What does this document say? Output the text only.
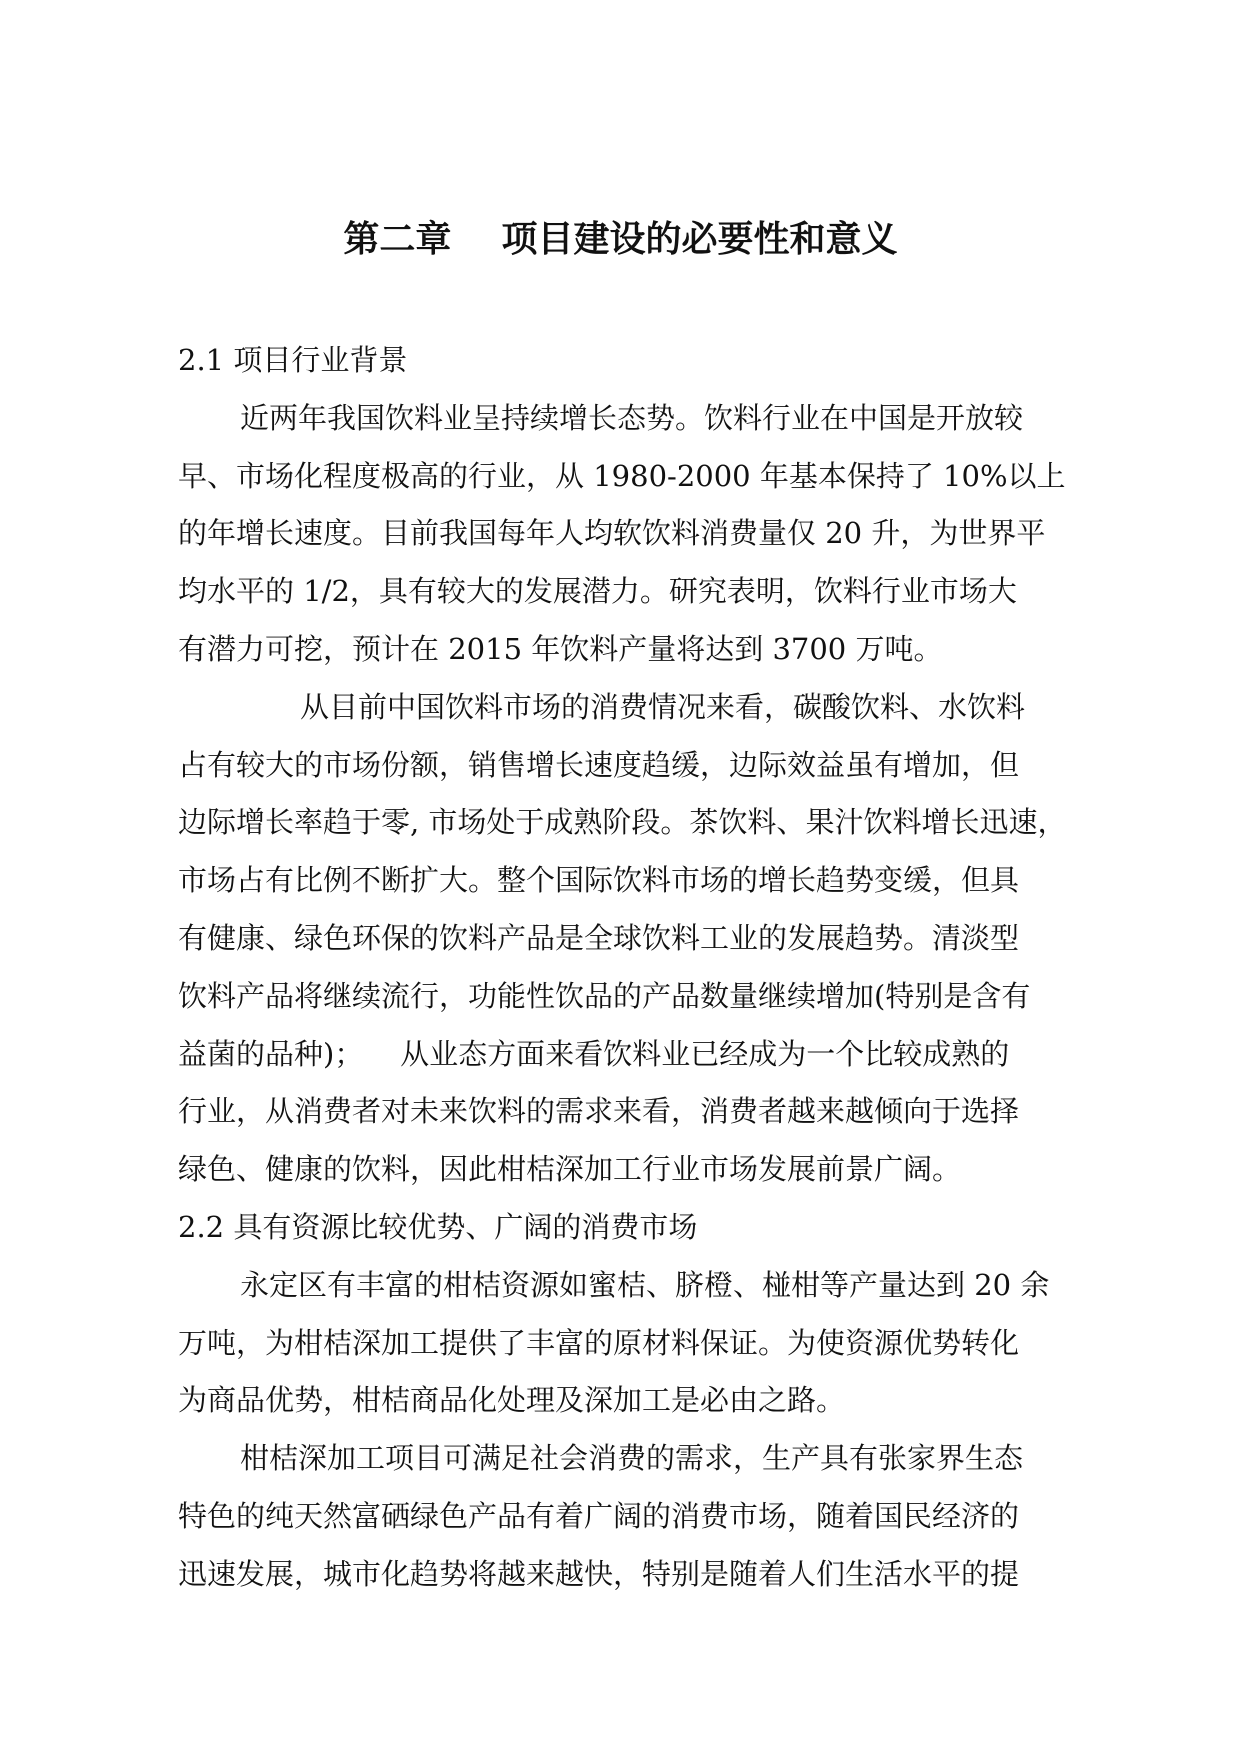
第二章    项目建设的必要性和意义
2.1 项目行业背景
近两年我国饮料业呈持续增长态势。饮料行业在中国是开放较
早、市场化程度极高的行业，从 1980-2000 年基本保持了 10%以上
的年增长速度。目前我国每年人均软饮料消费量仅 20 升，为世界平
均水平的 1/2，具有较大的发展潜力。研究表明，饮料行业市场大
有潜力可挖，预计在 2015 年饮料产量将达到 3700 万吨。
从目前中国饮料市场的消费情况来看，碳酸饮料、水饮料
占有较大的市场份额，销售增长速度趋缓，边际效益虽有增加，但
边际增长率趋于零, 市场处于成熟阶段。茶饮料、果汁饮料增长迅速，
市场占有比例不断扩大。整个国际饮料市场的增长趋势变缓，但具
有健康、绿色环保的饮料产品是全球饮料工业的发展趋势。清淡型
饮料产品将继续流行，功能性饮品的产品数量继续增加(特别是含有
益菌的品种)；    从业态方面来看饮料业已经成为一个比较成熟的
行业，从消费者对未来饮料的需求来看，消费者越来越倾向于选择
绿色、健康的饮料，因此柑桔深加工行业市场发展前景广阔。
2.2 具有资源比较优势、广阔的消费市场
永定区有丰富的柑桔资源如蜜桔、脐橙、椪柑等产量达到 20 余
万吨，为柑桔深加工提供了丰富的原材料保证。为使资源优势转化
为商品优势，柑桔商品化处理及深加工是必由之路。
柑桔深加工项目可满足社会消费的需求，生产具有张家界生态
特色的纯天然富硒绿色产品有着广阔的消费市场，随着国民经济的
迅速发展，城市化趋势将越来越快，特别是随着人们生活水平的提
